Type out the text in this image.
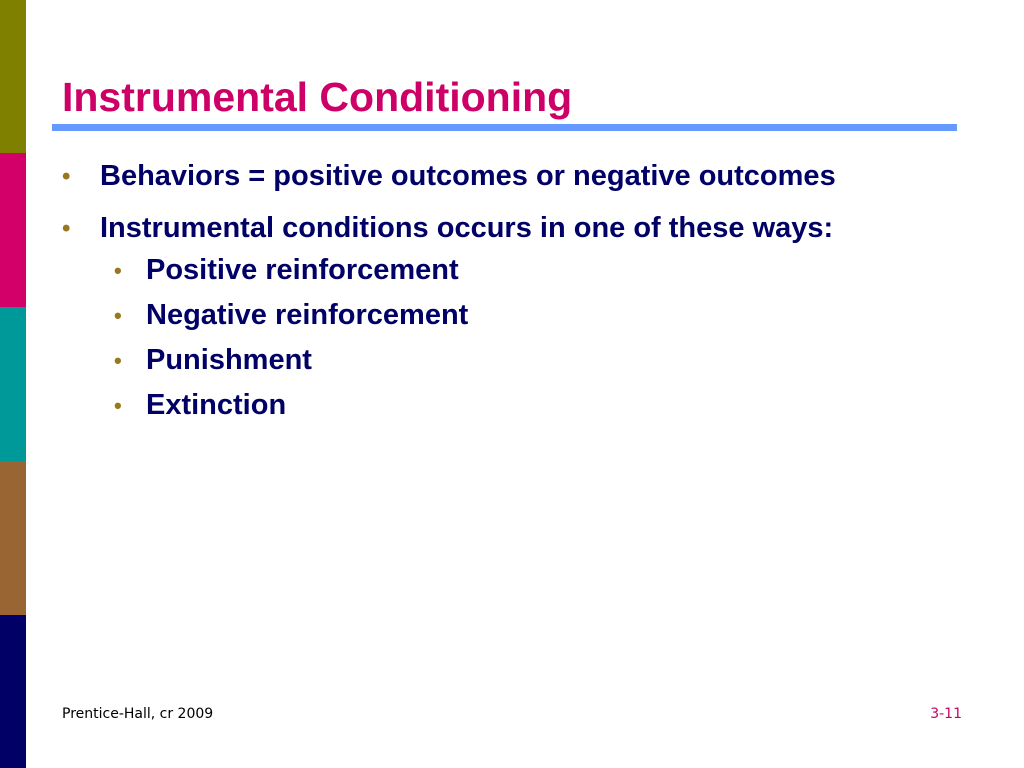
Instrumental Conditioning
• Behaviors = positive outcomes or negative outcomes
• Instrumental conditions occurs in one of these ways:
• Positive reinforcement
• Negative reinforcement
• Punishment
• Extinction
Prentice-Hall, cr 2009	3-11
